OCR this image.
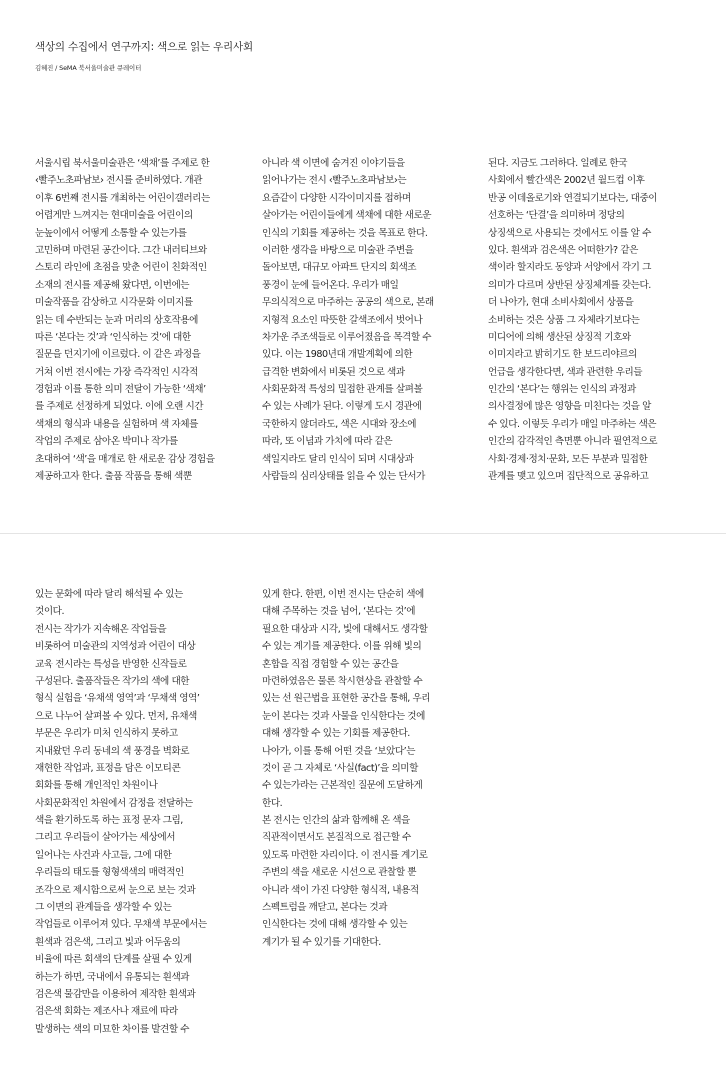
색상의 수집에서 연구까지: 색으로 읽는 우리사회
김혜진 / SeMA 북서울미술관 큐레이터
서울시립 북서울미술관은 ‘색채’를 주제로 한
‹빨주노초파남보› 전시를 준비하였다. 개관
이후 6번째 전시를 개최하는 어린이갤러리는
어렵게만 느껴지는 현대미술을 어린이의
눈높이에서 어떻게 소통할 수 있는가를
고민하며 마련된 공간이다. 그간 내러티브와
스토리 라인에 초점을 맞춘 어린이 친화적인
소재의 전시를 제공해 왔다면, 이번에는
미술작품을 감상하고 시각문화 이미지를
읽는 데 수반되는 눈과 머리의 상호작용에
따른 ‘본다는 것’과 ‘인식하는 것’에 대한
질문을 던지기에 이르렀다. 이 같은 과정을
거쳐 이번 전시에는 가장 즉각적인 시각적
경험과 이를 통한 의미 전달이 가능한 ‘색채’
를 주제로 선정하게 되었다. 이에 오랜 시간
색채의 형식과 내용을 실험하며 색 자체를
작업의 주제로 삼아온 박미나 작가를
초대하여 ‘색’을 매개로 한 새로운 감상 경험을
제공하고자 한다. 출품 작품을 통해 색뿐
아니라 색 이면에 숨겨진 이야기들을
읽어나가는 전시 ‹빨주노초파남보›는
요즘같이 다양한 시각이미지를 접하며
살아가는 어린이들에게 색채에 대한 새로운
인식의 기회를 제공하는 것을 목표로 한다.
이러한 생각을 바탕으로 미술관 주변을
돌아보면, 대규모 아파트 단지의 회색조
풍경이 눈에 들어온다. 우리가 매일
무의식적으로 마주하는 공공의 색으로, 본래
지형적 요소인 따뜻한 갈색조에서 벗어나
차가운 주조색들로 이루어졌음을 목격할 수
있다. 이는 1980년대 개발계획에 의한
급격한 변화에서 비롯된 것으로 색과
사회문화적 특성의 밀접한 관계를 살펴볼
수 있는 사례가 된다. 이렇게 도시 경관에
국한하지 않더라도, 색은 시대와 장소에
따라, 또 이념과 가치에 따라 같은
색일지라도 달리 인식이 되며 시대상과
사람들의 심리상태를 읽을 수 있는 단서가
된다. 지금도 그러하다. 일례로 한국
사회에서 빨간색은 2002년 월드컵 이후
반공 이데올로기와 연결되기보다는, 대중이
선호하는 ‘단결’을 의미하며 정당의
상징색으로 사용되는 것에서도 이를 알 수
있다. 흰색과 검은색은 어떠한가? 같은
색이라 할지라도 동양과 서양에서 각기 그
의미가 다르며 상반된 상징체계를 갖는다.
더 나아가, 현대 소비사회에서 상품을
소비하는 것은 상품 그 자체라기보다는
미디어에 의해 생산된 상징적 기호와
이미지라고 밝히기도 한 보드리야르의
언급을 생각한다면, 색과 관련한 우리들
인간의 ‘본다’는 행위는 인식의 과정과
의사결정에 많은 영향을 미친다는 것을 알
수 있다. 이렇듯 우리가 매일 마주하는 색은
인간의 감각적인 측면뿐 아니라 필연적으로
사회·경제·정치·문화, 모든 부분과 밀접한
관계를 맺고 있으며 집단적으로 공유하고
있는 문화에 따라 달리 해석될 수 있는
것이다.
전시는 작가가 지속해온 작업들을
비롯하여 미술관의 지역성과 어린이 대상
교육 전시라는 특성을 반영한 신작들로
구성된다. 출품작들은 작가의 색에 대한
형식 실험을 ‘유채색 영역’과 ‘무채색 영역’
으로 나누어 살펴볼 수 있다. 먼저, 유채색
부문은 우리가 미처 인식하지 못하고
지내왔던 우리 동네의 색 풍경을 벽화로
재현한 작업과, 표정을 담은 이모티콘
회화를 통해 개인적인 차원이나
사회문화적인 차원에서 감정을 전달하는
색을 환기하도록 하는 표정 문자 그림,
그리고 우리들이 살아가는 세상에서
일어나는 사건과 사고들, 그에 대한
우리들의 태도를 형형색색의 매력적인
조각으로 제시함으로써 눈으로 보는 것과
그 이면의 관계들을 생각할 수 있는
작업들로 이루어져 있다. 무채색 부문에서는
흰색과 검은색, 그리고 빛과 어두움의
비율에 따른 회색의 단계를 살필 수 있게
하는가 하면, 국내에서 유통되는 흰색과
검은색 물감만을 이용하여 제작한 흰색과
검은색 회화는 제조사나 재료에 따라
발생하는 색의 미묘한 차이를 발견할 수
있게 한다. 한편, 이번 전시는 단순히 색에
대해 주목하는 것을 넘어, ‘본다는 것’에
필요한 대상과 시각, 빛에 대해서도 생각할
수 있는 계기를 제공한다. 이를 위해 빛의
혼합을 직접 경험할 수 있는 공간을
마련하였음은 물론 착시현상을 관찰할 수
있는 선 원근법을 표현한 공간을 통해, 우리
눈이 본다는 것과 사물을 인식한다는 것에
대해 생각할 수 있는 기회를 제공한다.
나아가, 이를 통해 어떤 것을 ‘보았다’는
것이 곧 그 자체로 ‘사실(fact)’을 의미할
수 있는가라는 근본적인 질문에 도달하게
한다.
본 전시는 인간의 삶과 함께해 온 색을
직관적이면서도 본질적으로 접근할 수
있도록 마련한 자리이다. 이 전시를 계기로
주변의 색을 새로운 시선으로 관찰할 뿐
아니라 색이 가진 다양한 형식적, 내용적
스펙트럼을 깨닫고, 본다는 것과
인식한다는 것에 대해 생각할 수 있는
계기가 될 수 있기를 기대한다.
